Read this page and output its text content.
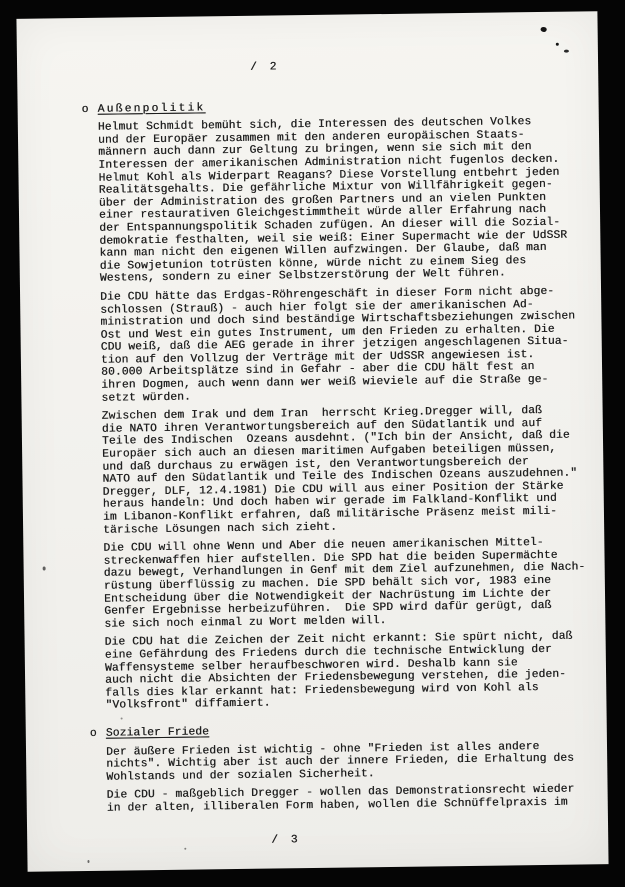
/ 2
o Außenpolitik
Helmut Schmidt bemüht sich, die Interessen des deutschen Volkes
und der Europäer zusammen mit den anderen europäischen Staats-
männern auch dann zur Geltung zu bringen, wenn sie sich mit den
Interessen der amerikanischen Administration nicht fugenlos decken.
Helmut Kohl als Widerpart Reagans? Diese Vorstellung entbehrt jeden
Realitätsgehalts. Die gefährliche Mixtur von Willfährigkeit gegen-
über der Administration des großen Partners und an vielen Punkten
einer restaurativen Gleichgestimmtheit würde aller Erfahrung nach
der Entspannungspolitik Schaden zufügen. An dieser will die Sozial-
demokratie festhalten, weil sie weiß: Einer Supermacht wie der UdSSR
kann man nicht den eigenen Willen aufzwingen. Der Glaube, daß man
die Sowjetunion totrüsten könne, würde nicht zu einem Sieg des
Westens, sondern zu einer Selbstzerstörung der Welt führen.
Die CDU hätte das Erdgas-Röhrengeschäft in dieser Form nicht abge-
schlossen (Strauß) - auch hier folgt sie der amerikanischen Ad-
ministration und doch sind beständige Wirtschaftsbeziehungen zwischen
Ost und West ein gutes Instrument, um den Frieden zu erhalten. Die
CDU weiß, daß die AEG gerade in ihrer jetzigen angeschlagenen Situa-
tion auf den Vollzug der Verträge mit der UdSSR angewiesen ist.
80.000 Arbeitsplätze sind in Gefahr - aber die CDU hält fest an
ihren Dogmen, auch wenn dann wer weiß wieviele auf die Straße ge-
setzt würden.
Zwischen dem Irak und dem Iran  herrscht Krieg.Dregger will, daß
die NATO ihren Verantwortungsbereich auf den Südatlantik und auf
Teile des Indischen  Ozeans ausdehnt. ("Ich bin der Ansicht, daß die
Europäer sich auch an diesen maritimen Aufgaben beteiligen müssen,
und daß durchaus zu erwägen ist, den Verantwortungsbereich der
NATO auf den Südatlantik und Teile des Indischen Ozeans auszudehnen."
Dregger, DLF, 12.4.1981) Die CDU will aus einer Position der Stärke
heraus handeln: Und doch haben wir gerade im Falkland-Konflikt und
im Libanon-Konflikt erfahren, daß militärische Präsenz meist mili-
tärische Lösungen nach sich zieht.
Die CDU will ohne Wenn und Aber die neuen amerikanischen Mittel-
streckenwaffen hier aufstellen. Die SPD hat die beiden Supermächte
dazu bewegt, Verhandlungen in Genf mit dem Ziel aufzunehmen, die Nach-
rüstung überflüssig zu machen. Die SPD behält sich vor, 1983 eine
Entscheidung über die Notwendigkeit der Nachrüstung im Lichte der
Genfer Ergebnisse herbeizuführen.  Die SPD wird dafür gerügt, daß
sie sich noch einmal zu Wort melden will.
Die CDU hat die Zeichen der Zeit nicht erkannt: Sie spürt nicht, daß
eine Gefährdung des Friedens durch die technische Entwicklung der
Waffensysteme selber heraufbeschworen wird. Deshalb kann sie
auch nicht die Absichten der Friedensbewegung verstehen, die jeden-
falls dies klar erkannt hat: Friedensbewegung wird von Kohl als
"Volksfront" diffamiert.
o Sozialer Friede
Der äußere Frieden ist wichtig - ohne "Frieden ist alles andere
nichts". Wichtig aber ist auch der innere Frieden, die Erhaltung des
Wohlstands und der sozialen Sicherheit.
Die CDU - maßgeblich Dregger - wollen das Demonstrationsrecht wieder
in der alten, illiberalen Form haben, wollen die Schnüffelpraxis im
/ 3
